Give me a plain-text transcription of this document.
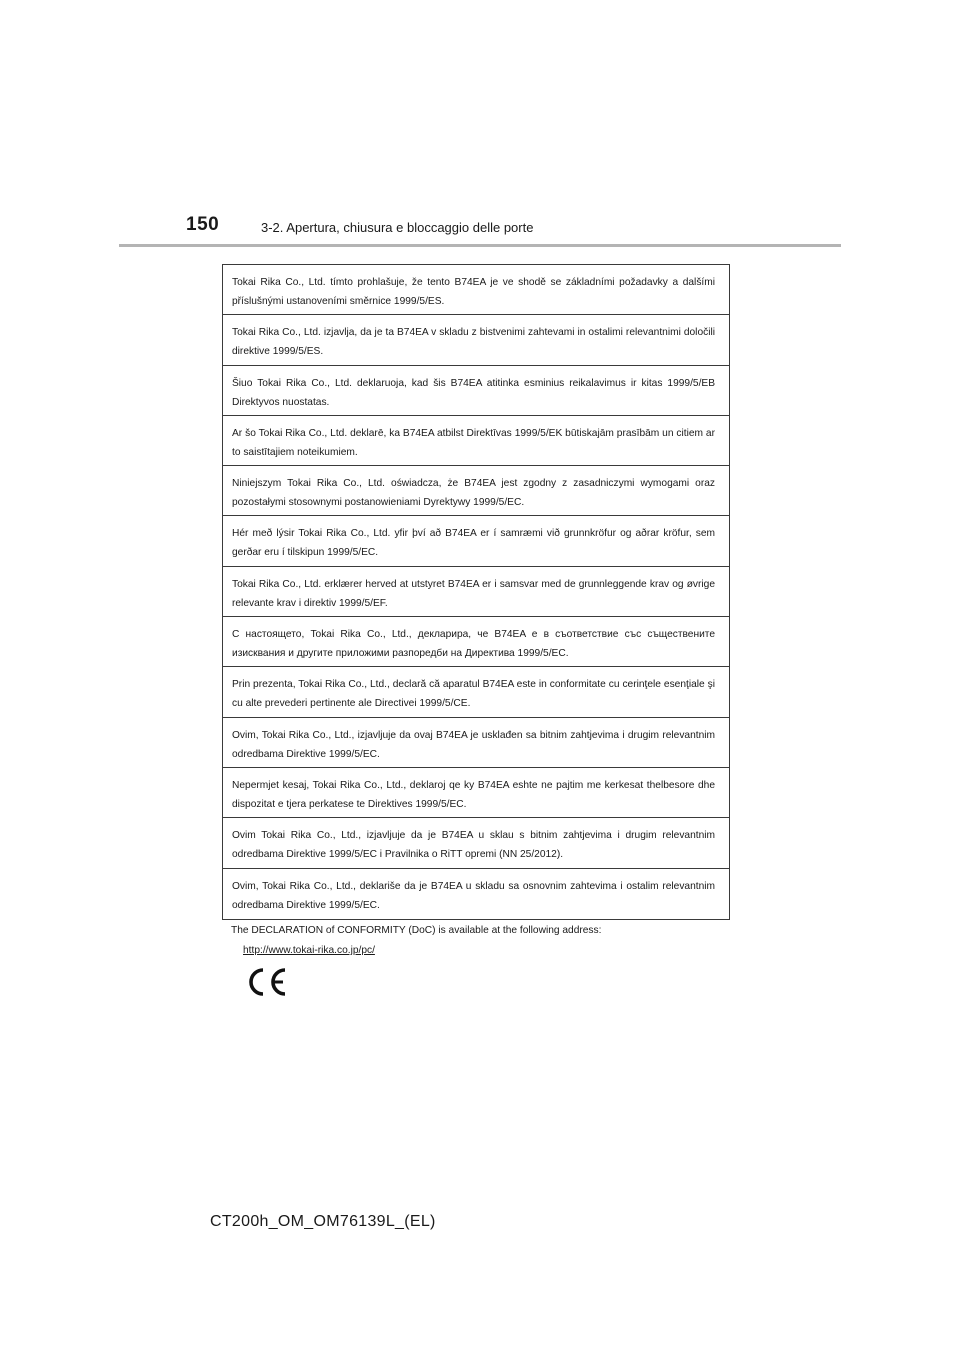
150	3-2. Apertura, chiusura e bloccaggio delle porte
Tokai Rika Co., Ltd. tímto prohlašuje, že tento B74EA je ve shodě se základními požadavky a dalšími příslušnými ustanoveními směrnice 1999/5/ES.
Tokai Rika Co., Ltd. izjavlja, da je ta B74EA v skladu z bistvenimi zahtevami in ostalimi relevantnimi določili direktive 1999/5/ES.
Šiuo Tokai Rika Co., Ltd. deklaruoja, kad šis B74EA atitinka esminius reikalavimus ir kitas 1999/5/EB Direktyvos nuostatas.
Ar šo Tokai Rika Co., Ltd. deklarē, ka B74EA atbilst Direktīvas 1999/5/EK būtiskajām prasībām un citiem ar to saistītajiem noteikumiem.
Niniejszym Tokai Rika Co., Ltd. oświadcza, że B74EA jest zgodny z zasadniczymi wymogami oraz pozostałymi stosownymi postanowieniami Dyrektywy 1999/5/EC.
Hér með lýsir Tokai Rika Co., Ltd. yfir því að B74EA er í samræmi við grunnkröfur og aðrar kröfur, sem gerðar eru í tilskipun 1999/5/EC.
Tokai Rika Co., Ltd. erklærer herved at utstyret B74EA er i samsvar med de grunnleggende krav og øvrige relevante krav i direktiv 1999/5/EF.
С настоящето, Tokai Rika Co., Ltd., декларира, че B74EA е в съответствие със съществените изисквания и другите приложими разпоредби на Директива 1999/5/EC.
Prin prezenta, Tokai Rika Co., Ltd., declară că aparatul B74EA este in conformitate cu cerinţele esenţiale şi cu alte prevederi pertinente ale Directivei 1999/5/CE.
Ovim, Tokai Rika Co., Ltd., izjavljuje da ovaj B74EA je usklađen sa bitnim zahtjevima i drugim relevantnim odredbama Direktive 1999/5/EC.
Nepermjet kesaj, Tokai Rika Co., Ltd., deklaroj qe ky B74EA eshte ne pajtim me kerkesat thelbesore dhe dispozitat e tjera perkatese te Direktives 1999/5/EC.
Ovim Tokai Rika Co., Ltd., izjavljuje da je B74EA u sklau s bitnim zahtjevima i drugim relevantnim odredbama Direktive 1999/5/EC i Pravilnika o RiTT opremi (NN 25/2012).
Ovim, Tokai Rika Co., Ltd., deklariše da je B74EA u skladu sa osnovnim zahtevima i ostalim relevantnim odredbama Direktive 1999/5/EC.
The DECLARATION of CONFORMITY (DoC) is available at the following address:
http://www.tokai-rika.co.jp/pc/
CT200h_OM_OM76139L_(EL)
